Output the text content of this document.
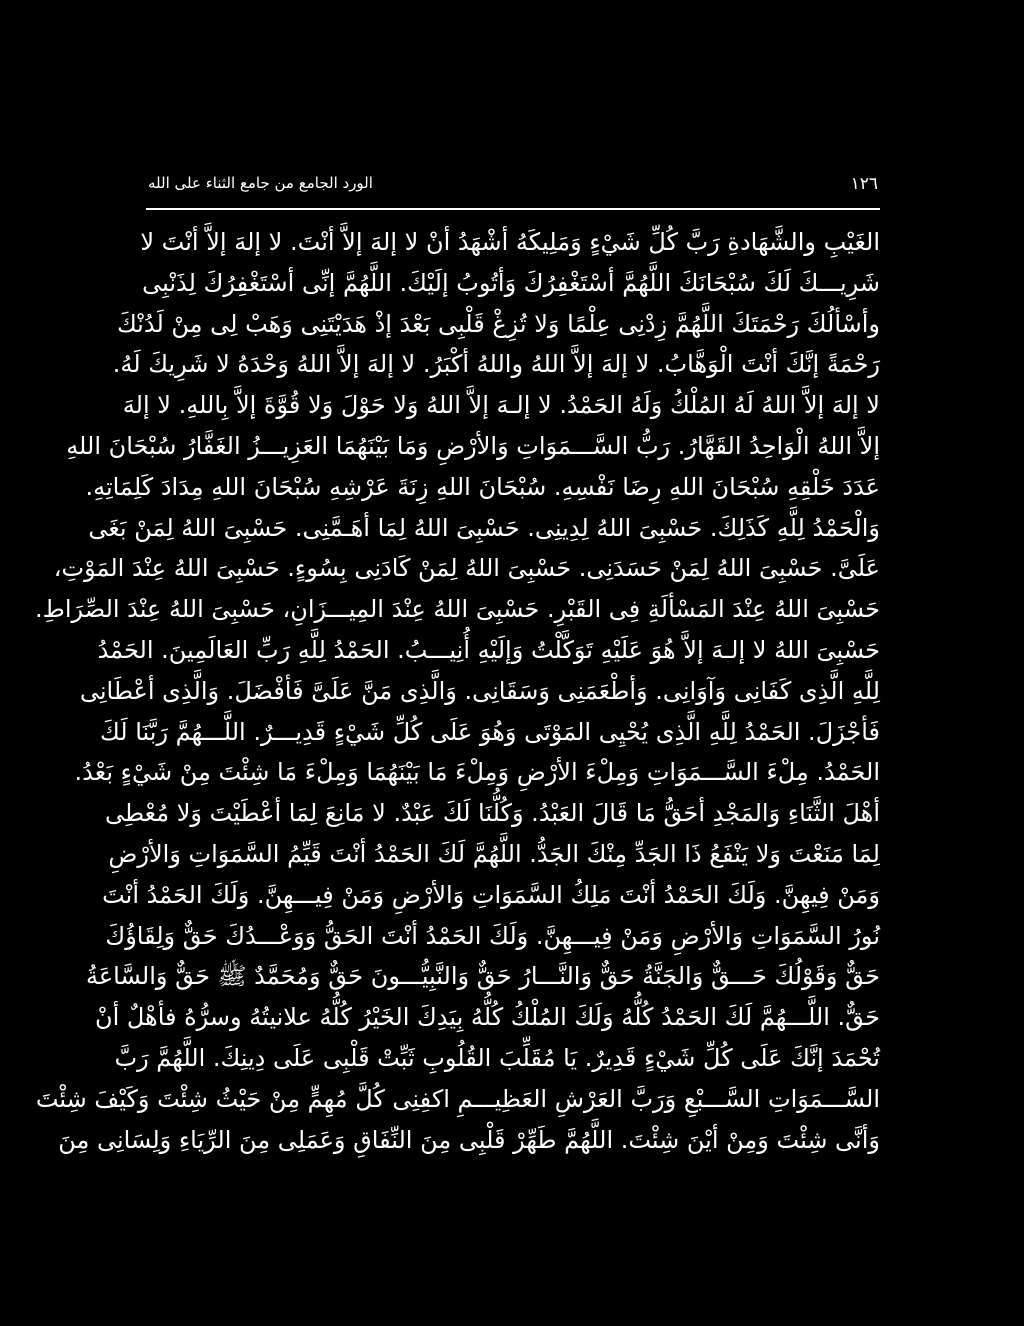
١٢٦
الورد الجامع من جامع الثناء على الله
الغَيْبِ والشَّهَادةِ رَبَّ كُلِّ شَيْءٍ وَمَلِيكَهُ أشْهَدُ أنْ لا إلهَ إلاَّ أنْتَ. لا إلهَ إلاَّ أنْتَ لا
شَرِيـــكَ لَكَ سُبْحَانَكَ اللَّهُمَّ أسْتَغْفِرُكَ وَأتُوبُ إلَيْكَ. اللَّهُمَّ إنِّى أسْتَغْفِرُكَ لِذَنْبِى
وأسْألُكَ رَحْمَتَكَ اللَّهُمَّ زِدْنِى عِلْمًا وَلا تُزِغْ قَلْبِى بَعْدَ إذْ هَدَيْتَنِى وَهَبْ لِى مِنْ لَدُنْكَ
رَحْمَةً إنَّكَ أنْتَ الْوَهَّابُ. لا إلهَ إلاَّ اللهُ واللهُ أكْبَرُ. لا إلهَ إلاَّ اللهُ وَحْدَهُ لا شَرِيكَ لَهُ.
لا إلهَ إلاَّ اللهُ لَهُ المُلْكُ وَلَهُ الحَمْدُ. لا إلـهَ إلاَّ اللهُ وَلا حَوْلَ وَلا قُوَّةَ إلاَّ بِاللهِ. لا إلهَ
إلاَّ اللهُ الْوَاحِدُ القَهَّارُ. رَبُّ السَّـــمَوَاتِ وَالأرْضِ وَمَا بَيْنَهُمَا العَزِيـــزُ الغَفَّارُ سُبْحَانَ اللهِ
عَدَدَ خَلْقِهِ سُبْحَانَ اللهِ رِضَا نَفْسِهِ. سُبْحَانَ اللهِ زِنَةَ عَرْشِهِ سُبْحَانَ اللهِ مِدَادَ كَلِمَاتِهِ.
وَالْحَمْدُ لِلَّهِ كَذَلِكَ. حَسْبِىَ اللهُ لِدِينِى. حَسْبِىَ اللهُ لِمَا أهَـمَّنِى. حَسْبِىَ اللهُ لِمَنْ بَغَى
عَلَىَّ. حَسْبِىَ اللهُ لِمَنْ حَسَدَنِى. حَسْبِىَ اللهُ لِمَنْ كَادَنِى بِسُوءٍ. حَسْبِىَ اللهُ عِنْدَ المَوْتِ،
حَسْبِىَ اللهُ عِنْدَ المَسْألَةِ فِى القَبْرِ. حَسْبِىَ اللهُ عِنْدَ المِيـــزَانِ، حَسْبِىَ اللهُ عِنْدَ الصِّرَاطِ.
حَسْبِىَ اللهُ لا إلـهَ إلاَّ هُوَ عَلَيْهِ تَوَكَّلْتُ وَإلَيْهِ أُنِيـــبُ. الحَمْدُ لِلَّهِ رَبِّ العَالَمِينَ. الحَمْدُ
لِلَّهِ الَّذِى كَفَانِى وَآوَانِى. وَأطْعَمَنِى وَسَقَانِى. وَالَّذِى مَنَّ عَلَىَّ فَأفْضَلَ. وَالَّذِى أعْطَانِى
فَأجْزَلَ. الحَمْدُ لِلَّهِ الَّذِى يُحْيِى المَوْتَى وَهُوَ عَلَى كُلِّ شَيْءٍ قَدِيـــرٌ. اللَّـــهُمَّ رَبَّنَا لَكَ
الحَمْدُ. مِلْءَ السَّـــمَوَاتِ وَمِلْءَ الأرْضِ وَمِلْءَ مَا بَيْنَهُمَا وَمِلْءَ مَا شِئْتَ مِنْ شَيْءٍ بَعْدُ.
أهْلَ الثَّنَاءِ وَالمَجْدِ أحَقُّ مَا قَالَ العَبْدُ. وَكُلُّنَا لَكَ عَبْدٌ. لا مَانِعَ لِمَا أعْطَيْتَ وَلا مُعْطِى
لِمَا مَنَعْتَ وَلا يَنْفَعُ ذَا الجَدِّ مِنْكَ الجَدُّ. اللَّهُمَّ لَكَ الحَمْدُ أنْتَ قَيِّمُ السَّمَوَاتِ وَالأرْضِ
وَمَنْ فِيهِنَّ. وَلَكَ الحَمْدُ أنْتَ مَلِكُ السَّمَوَاتِ وَالأرْضِ وَمَنْ فِيـــهِنَّ. وَلَكَ الحَمْدُ أنْتَ
نُورُ السَّمَوَاتِ وَالأرْضِ وَمَنْ فِيـــهِنَّ. وَلَكَ الحَمْدُ أنْتَ الحَقُّ وَوَعْـــدُكَ حَقٌّ وَلِقَاؤُكَ
حَقٌّ وَقَوْلُكَ حَـــقٌّ وَالجَنَّةُ حَقٌّ وَالنَّـــارُ حَقٌّ وَالنَّبِيُّـــونَ حَقٌّ وَمُحَمَّدٌ ﷺ حَقٌّ وَالسَّاعَةُ
حَقٌّ. اللَّـــهُمَّ لَكَ الحَمْدُ كُلُّهُ وَلَكَ المُلْكُ كُلُّهُ بِيَدِكَ الخَيْرُ كُلُّهُ علانيتُهُ وسرُّهُ فأهْلٌ أنْ
تُحْمَدَ إنَّكَ عَلَى كُلِّ شَيْءٍ قَدِيرٌ. يَا مُقَلِّبَ القُلُوبِ ثَبِّتْ قَلْبِى عَلَى دِينِكَ. اللَّهُمَّ رَبَّ
السَّـــمَوَاتِ السَّـــبْعِ وَرَبَّ العَرْشِ العَظِيـــمِ اكفِنِى كُلَّ مُهِمٍّ مِنْ حَيْثُ شِئْتَ وَكَيْفَ شِئْتَ
وَأنَّى شِئْتَ وَمِنْ أيْنَ شِئْتَ. اللَّهُمَّ طَهِّرْ قَلْبِى مِنَ النِّفَاقِ وَعَمَلِى مِنَ الرِّيَاءِ وَلِسَانِى مِنَ
